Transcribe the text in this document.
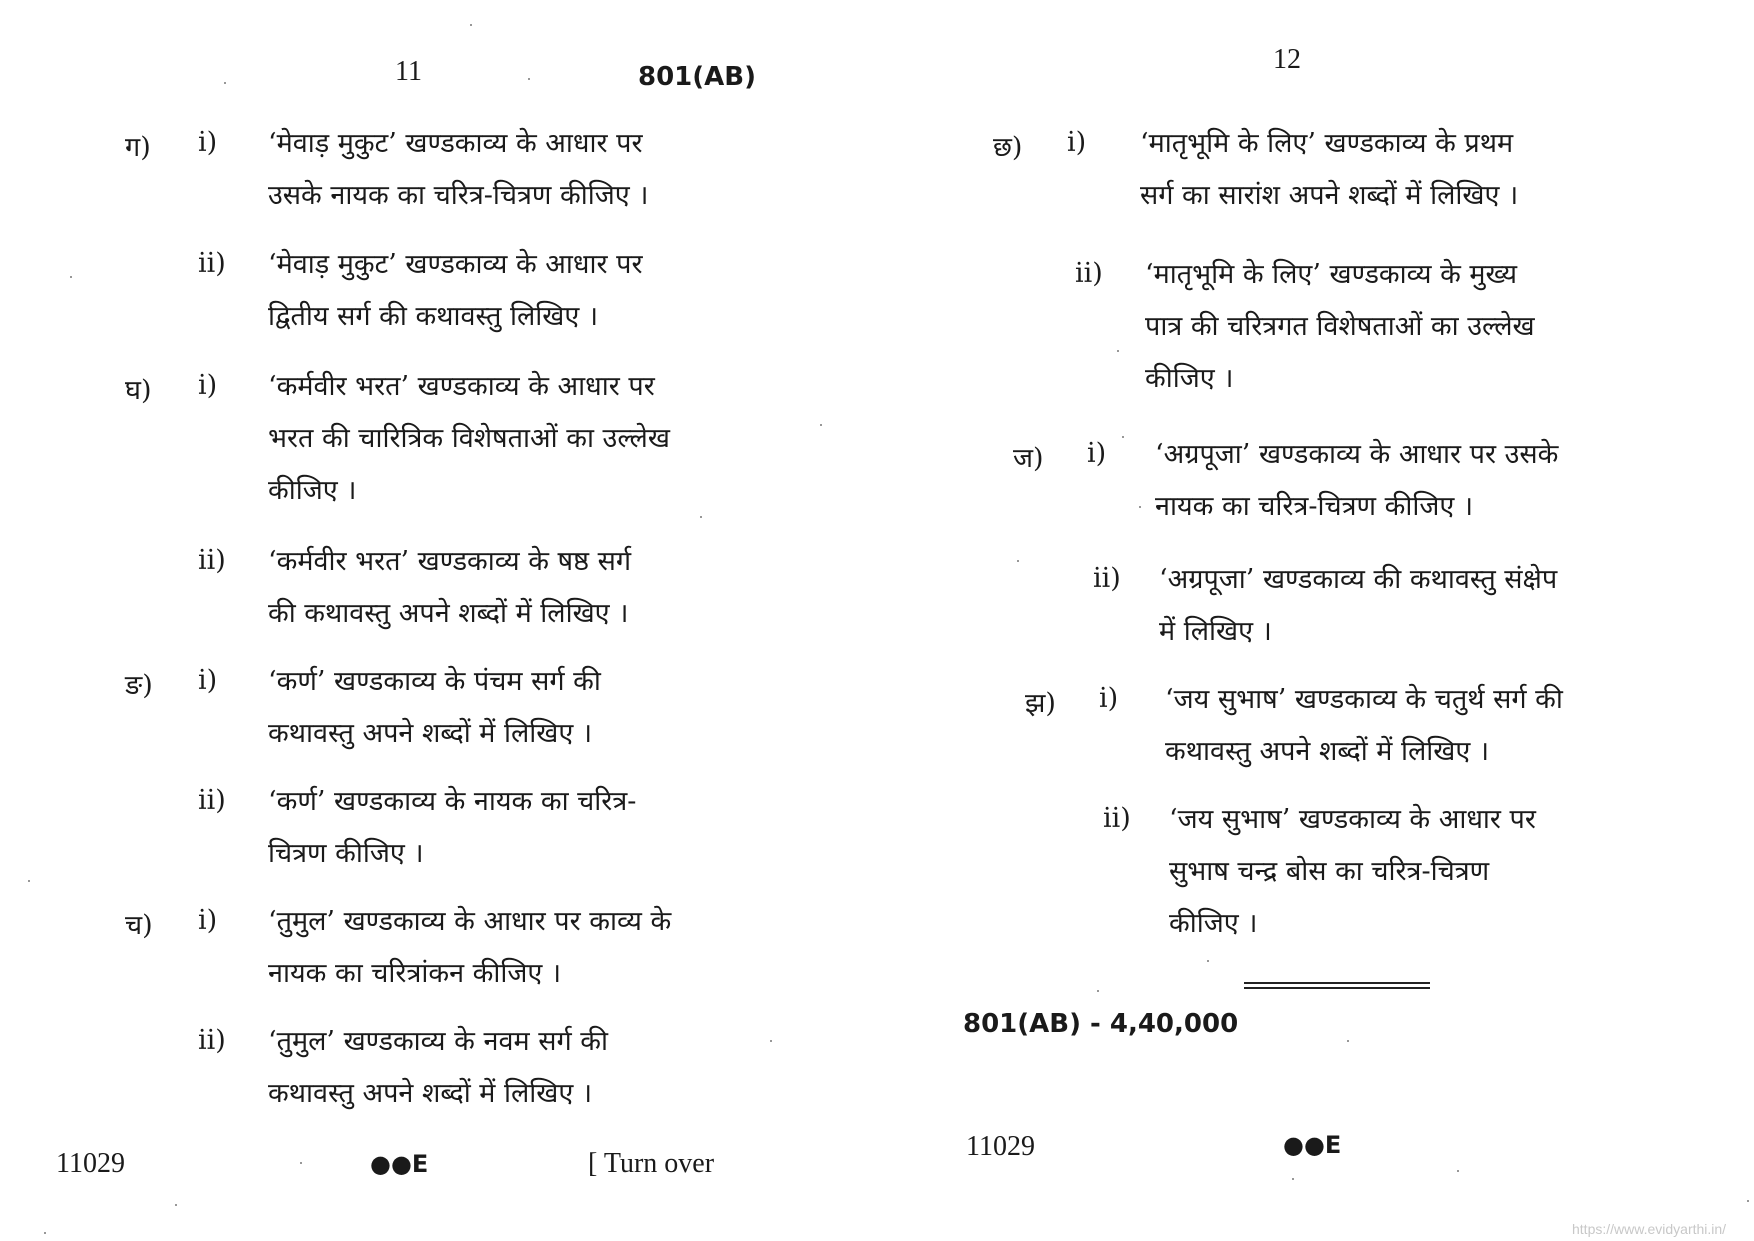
11	801(AB)
ग) i) ‘मेवाड़ मुकुट’ खण्डकाव्य के आधार पर
उसके नायक का चरित्र-चित्रण कीजिए ।
ii) ‘मेवाड़ मुकुट’ खण्डकाव्य के आधार पर
द्वितीय सर्ग की कथावस्तु लिखिए ।
घ) i) ‘कर्मवीर भरत’ खण्डकाव्य के आधार पर
भरत की चारित्रिक विशेषताओं का उल्लेख
कीजिए ।
ii) ‘कर्मवीर भरत’ खण्डकाव्य के षष्ठ सर्ग
की कथावस्तु अपने शब्दों में लिखिए ।
ङ) i) ‘कर्ण’ खण्डकाव्य के पंचम सर्ग की
कथावस्तु अपने शब्दों में लिखिए ।
ii) ‘कर्ण’ खण्डकाव्य के नायक का चरित्र-
चित्रण कीजिए ।
च) i) ‘तुमुल’ खण्डकाव्य के आधार पर काव्य के
नायक का चरित्रांकन कीजिए ।
ii) ‘तुमुल’ खण्डकाव्य के नवम सर्ग की
कथावस्तु अपने शब्दों में लिखिए ।
11029	●●E	[ Turn over
12
छ) i) ‘मातृभूमि के लिए’ खण्डकाव्य के प्रथम
सर्ग का सारांश अपने शब्दों में लिखिए ।
ii) ‘मातृभूमि के लिए’ खण्डकाव्य के मुख्य
पात्र की चरित्रगत विशेषताओं का उल्लेख
कीजिए ।
ज) i) ‘अग्रपूजा’ खण्डकाव्य के आधार पर उसके
नायक का चरित्र-चित्रण कीजिए ।
ii) ‘अग्रपूजा’ खण्डकाव्य की कथावस्तु संक्षेप
में लिखिए ।
झ) i) ‘जय सुभाष’ खण्डकाव्य के चतुर्थ सर्ग की
कथावस्तु अपने शब्दों में लिखिए ।
ii) ‘जय सुभाष’ खण्डकाव्य के आधार पर
सुभाष चन्द्र बोस का चरित्र-चित्रण
कीजिए ।
801(AB) - 4,40,000
11029	●●E
https://www.evidyarthi.in/
